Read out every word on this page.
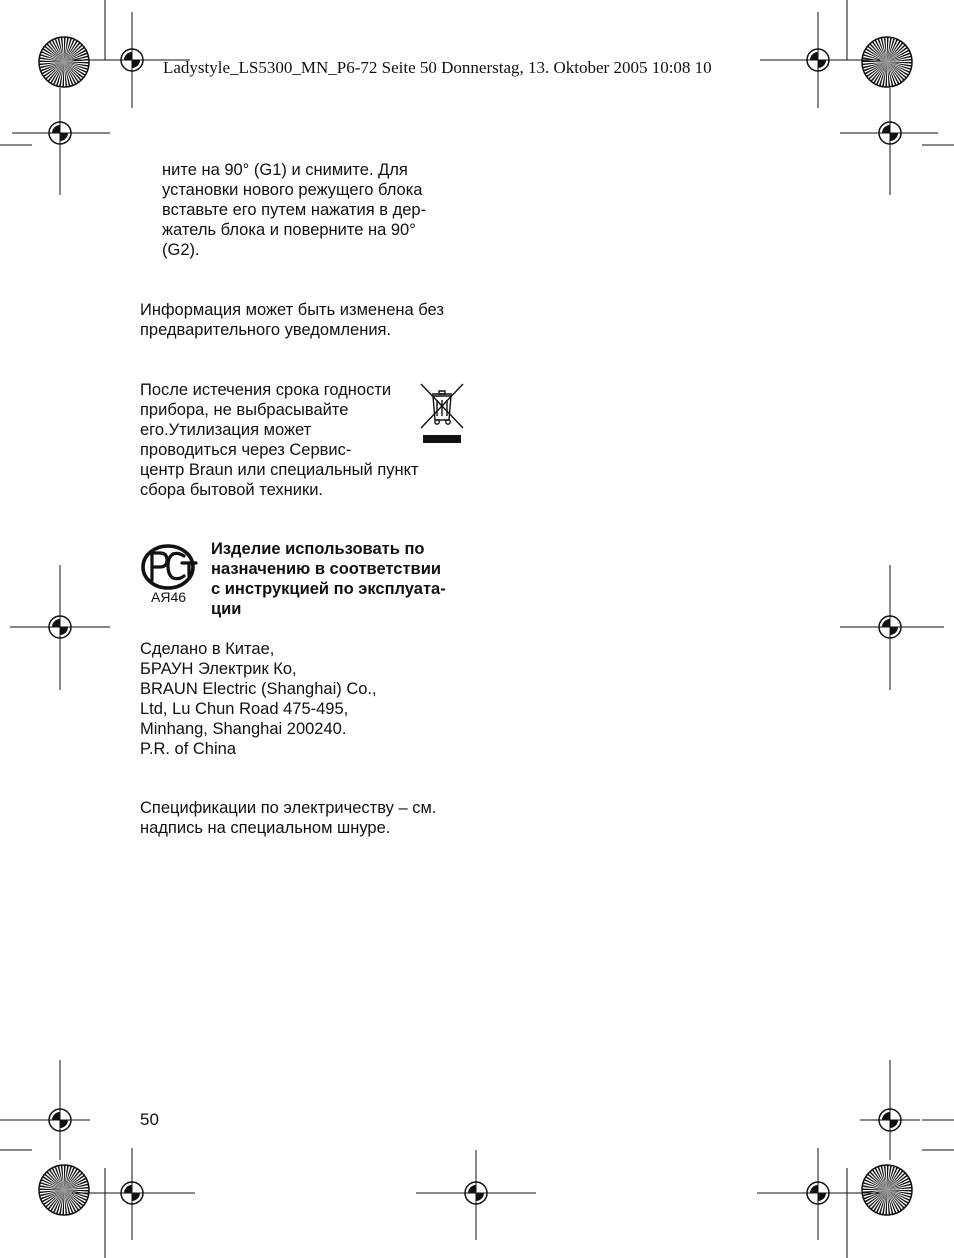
Ladystyle_LS5300_MN_P6-72 Seite 50 Donnerstag, 13. Oktober 2005 10:08 10
ните на 90° (G1) и снимите. Для
установки нового режущего блока
вставьте его путем нажатия в дер-
жатель блока и поверните на 90°
(G2).
Информация может быть изменена без
предварительного уведомления.
После истечения срока годности
прибора, не выбрасывайте
его.Утилизация может
проводиться через Сервис-
центр Braun или специальный пункт
сбора бытовой техники.
АЯ46
Изделие использовать по
назначению в соответствии
с инструкцией по эксплуата-
ции
Сделано в Китае,
БРАУН Электрик Ко,
BRAUN Electric (Shanghai) Co.,
Ltd, Lu Chun Road 475-495,
Minhang, Shanghai 200240.
P.R. of China
Спецификации по электричеству – см.
надпись на специальном шнуре.
50
